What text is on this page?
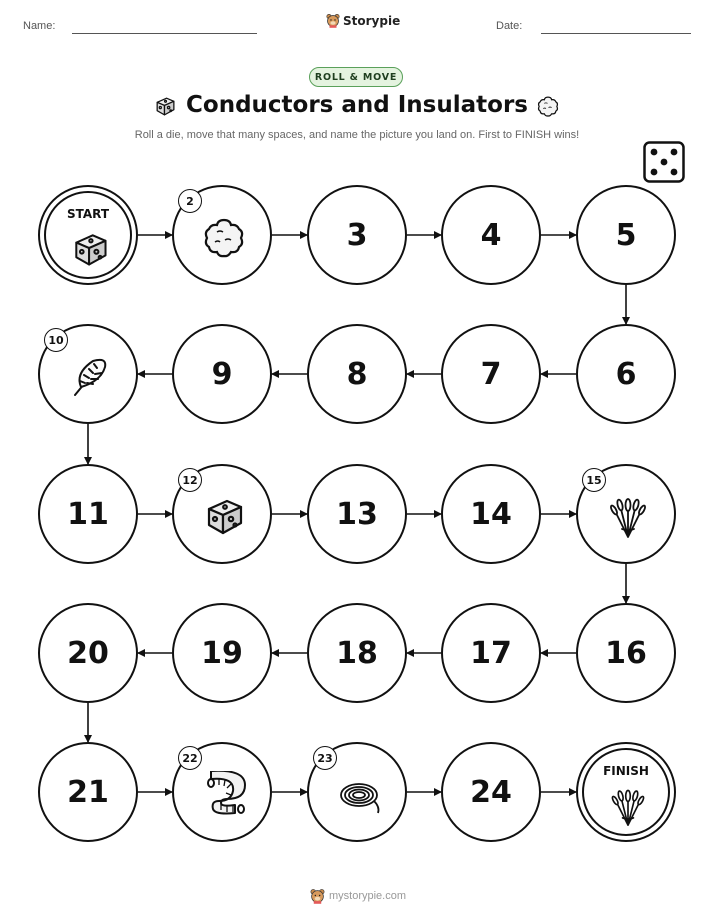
Name:	Storypie	Date:
ROLL & MOVE
Conductors and Insulators
Roll a die, move that many spaces, and name the picture you land on. First to FINISH wins!
START
2
3	4	5
6
7
8
9
10
11
12
13	14
15
16
17
18
19
20
21
22	23
24
FINISH
mystorypie.com
